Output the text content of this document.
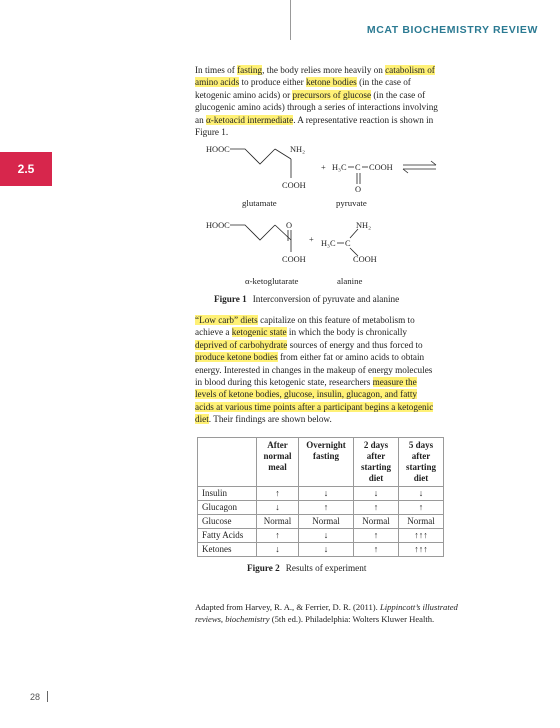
MCAT BIOCHEMISTRY REVIEW
2.5
In times of fasting, the body relies more heavily on catabolism of amino acids to produce either ketone bodies (in the case of ketogenic amino acids) or precursors of glucose (in the case of glucogenic amino acids) through a series of interactions involving an α-ketoacid intermediate. A representative reaction is shown in Figure 1.
HOOC	NH₂
COOH
glutamate
+ H₃C C COOH
O
pyruvate
HOOC	O
COOH
α-ketoglutarate
+ H₃C C
NH₂
COOH
alanine
Figure 1 Interconversion of pyruvate and alanine
“Low carb” diets capitalize on this feature of metabolism to achieve a ketogenic state in which the body is chronically deprived of carbohydrate sources of energy and thus forced to produce ketone bodies from either fat or amino acids to obtain energy. Interested in changes in the makeup of energy molecules in blood during this ketogenic state, researchers measure the levels of ketone bodies, glucose, insulin, glucagon, and fatty acids at various time points after a participant begins a ketogenic diet. Their findings are shown below.
	After normal meal	Overnight fasting	2 days after starting diet	5 days after starting diet
Insulin	↑	↓	↓	↓
Glucagon	↓	↑	↑	↑
Glucose	Normal	Normal	Normal	Normal
Fatty Acids	↑	↓	↑	↑↑↑
Ketones	↓	↓	↑	↑↑↑
Figure 2 Results of experiment
Adapted from Harvey, R. A., & Ferrier, D. R. (2011). Lippincott’s illustrated reviews, biochemistry (5th ed.). Philadelphia: Wolters Kluwer Health.
28
